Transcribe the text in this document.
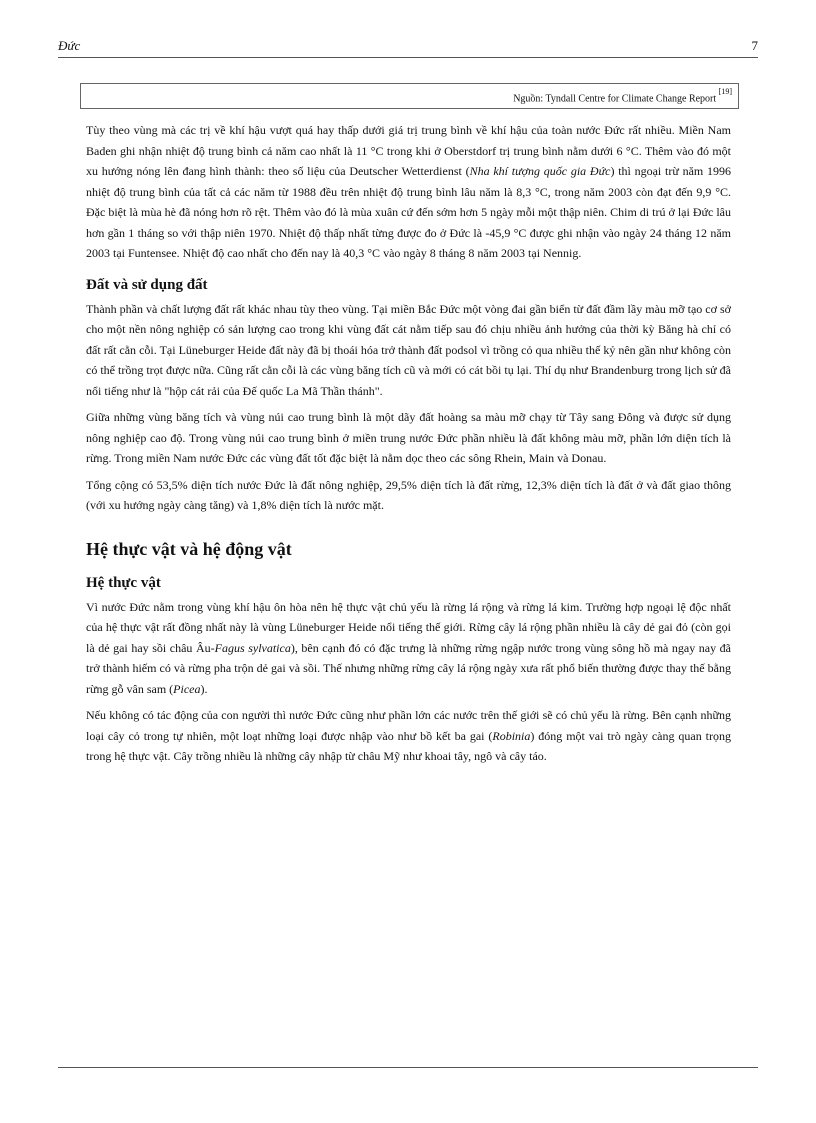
Đức	7
Nguồn: Tyndall Centre for Climate Change Report [19]

Tùy theo vùng mà các trị về khí hậu vượt quá hay thấp dưới giá trị trung bình về khí hậu của toàn nước Đức rất nhiều. Miền Nam Baden ghi nhận nhiệt độ trung bình cả năm cao nhất là 11 °C trong khi ở Oberstdorf trị trung bình nằm dưới 6 °C. Thêm vào đó một xu hướng nóng lên đang hình thành: theo số liệu của Deutscher Wetterdienst (Nha khí tượng quốc gia Đức) thì ngoại trừ năm 1996 nhiệt độ trung bình của tất cả các năm từ 1988 đều trên nhiệt độ trung bình lâu năm là 8,3 °C, trong năm 2003 còn đạt đến 9,9 °C. Đặc biệt là mùa hè đã nóng hơn rõ rệt. Thêm vào đó là mùa xuân cứ đến sớm hơn 5 ngày mỗi một thập niên. Chim di trú ở lại Đức lâu hơn gần 1 tháng so với thập niên 1970. Nhiệt độ thấp nhất từng được đo ở Đức là -45,9 °C được ghi nhận vào ngày 24 tháng 12 năm 2003 tại Funtensee. Nhiệt độ cao nhất cho đến nay là 40,3 °C vào ngày 8 tháng 8 năm 2003 tại Nennig.

Đất và sử dụng đất

Thành phần và chất lượng đất rất khác nhau tùy theo vùng. Tại miền Bắc Đức một vòng đai gần biển từ đất đầm lầy màu mỡ tạo cơ sở cho một nền nông nghiệp có sản lượng cao trong khi vùng đất cát nằm tiếp sau đó chịu nhiều ảnh hưởng của thời kỳ Băng hà chỉ có đất rất cằn cỗi. Tại Lüneburger Heide đất này đã bị thoái hóa trở thành đất podsol vì trồng cỏ qua nhiều thế kỷ nên gần như không còn có thể trồng trọt được nữa. Cũng rất cằn cỗi là các vùng băng tích cũ và mới có cát bồi tụ lại. Thí dụ như Brandenburg trong lịch sử đã nổi tiếng như là "hộp cát rải của Đế quốc La Mã Thần thánh".

Giữa những vùng băng tích và vùng núi cao trung bình là một dãy đất hoàng sa màu mỡ chạy từ Tây sang Đông và được sử dụng nông nghiệp cao độ. Trong vùng núi cao trung bình ở miền trung nước Đức phần nhiều là đất không màu mỡ, phần lớn diện tích là rừng. Trong miền Nam nước Đức các vùng đất tốt đặc biệt là nằm dọc theo các sông Rhein, Main và Donau.

Tổng cộng có 53,5% diện tích nước Đức là đất nông nghiệp, 29,5% diện tích là đất rừng, 12,3% diện tích là đất ở và đất giao thông (với xu hướng ngày càng tăng) và 1,8% diện tích là nước mặt.

Hệ thực vật và hệ động vật
Hệ thực vật

Vì nước Đức nằm trong vùng khí hậu ôn hòa nên hệ thực vật chủ yếu là rừng lá rộng và rừng lá kim. Trường hợp ngoại lệ độc nhất của hệ thực vật rất đồng nhất này là vùng Lüneburger Heide nổi tiếng thế giới. Rừng cây lá rộng phần nhiều là cây dẻ gai đỏ (còn gọi là dẻ gai hay sồi châu Âu-Fagus sylvatica), bên cạnh đó có đặc trưng là những rừng ngập nước trong vùng sông hồ mà ngay nay đã trở thành hiếm có và rừng pha trộn dẻ gai và sồi. Thế nhưng những rừng cây lá rộng ngày xưa rất phổ biến thường được thay thế bằng rừng gỗ vân sam (Picea).

Nếu không có tác động của con người thì nước Đức cũng như phần lớn các nước trên thế giới sẽ có chủ yếu là rừng. Bên cạnh những loại cây cỏ trong tự nhiên, một loạt những loại được nhập vào như bồ kết ba gai (Robinia) đóng một vai trò ngày càng quan trọng trong hệ thực vật. Cây trồng nhiều là những cây nhập từ châu Mỹ như khoai tây, ngô và cây táo.
